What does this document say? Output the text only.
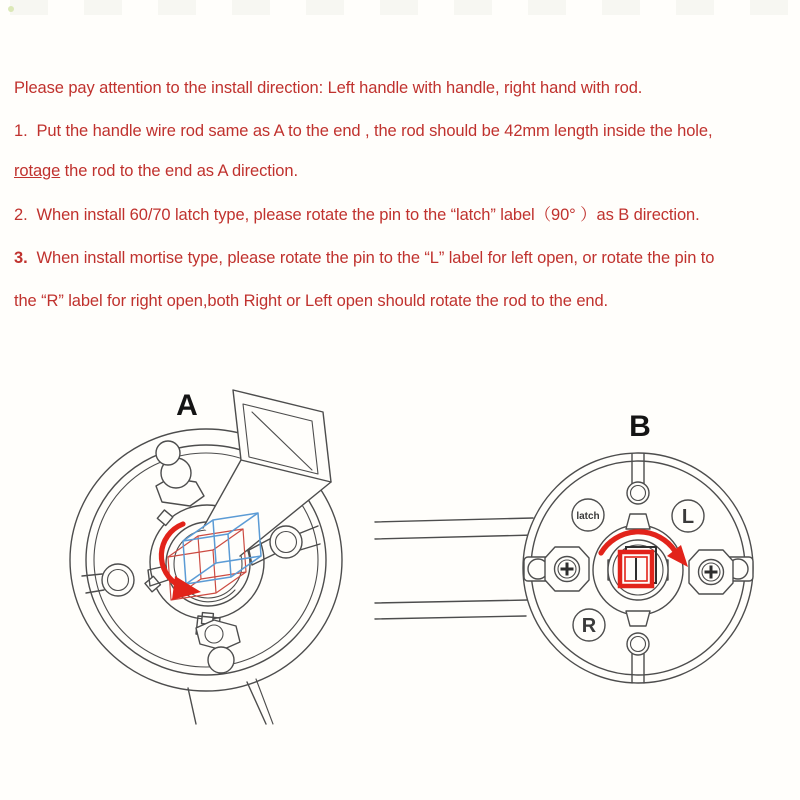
Please pay attention to the install direction: Left handle with handle, right hand with rod.
1.  Put the handle wire rod same as A to the end , the rod should be 42mm length inside the hole,
rotage the rod to the end as A direction.
2.  When install 60/70 latch type, please rotate the pin to the “latch” label（90° ）as B direction.
3.  When install mortise type, please rotate the pin to the “L” label for left open, or rotate the pin to
the “R” label for right open,both Right or Left open should rotate the rod to the end.
A
latch	L
R
B
